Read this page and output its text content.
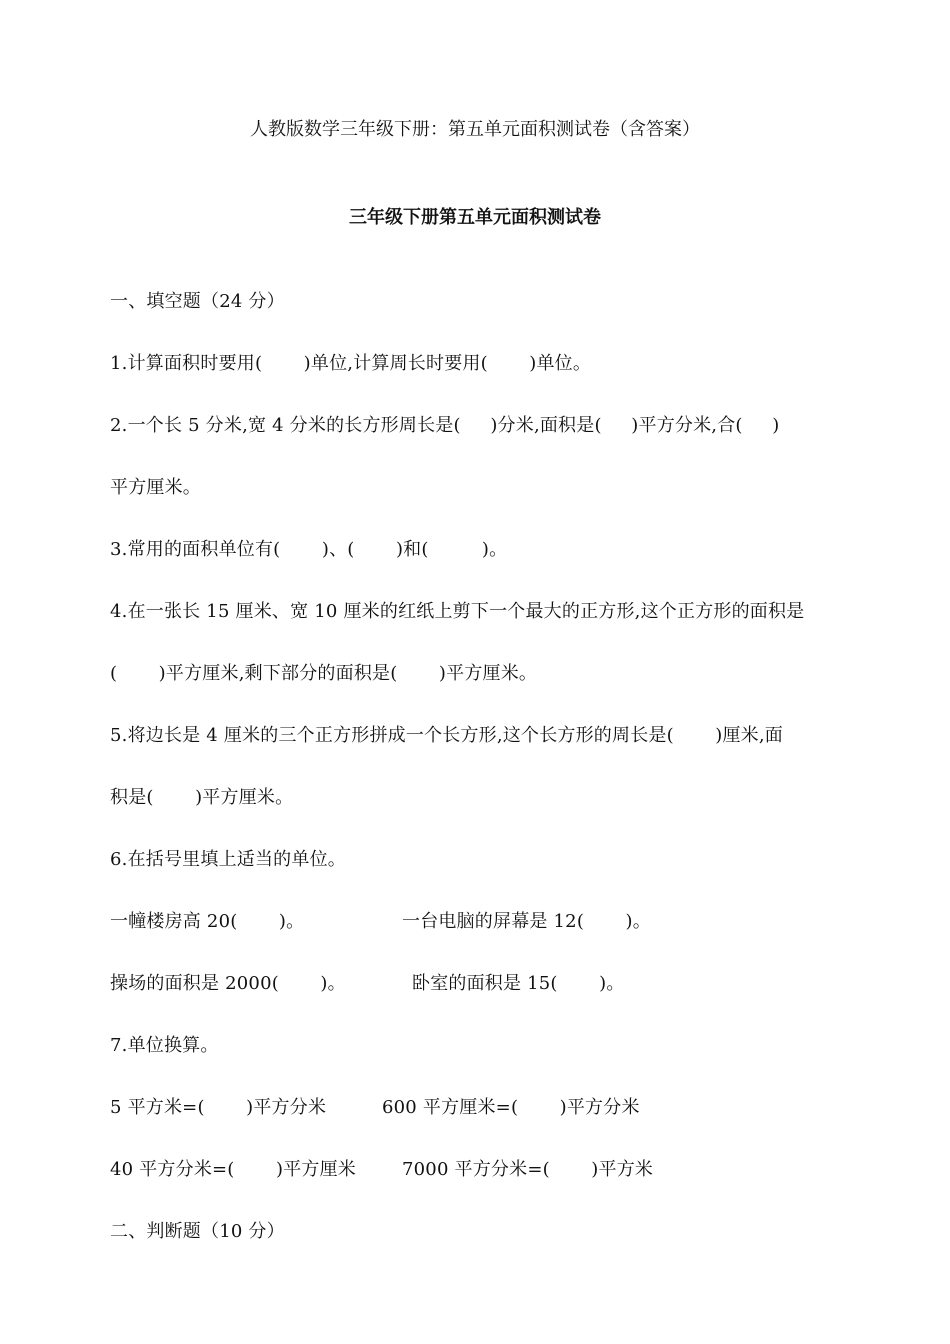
人教版数学三年级下册：第五单元面积测试卷（含答案）
三年级下册第五单元面积测试卷
一、填空题（24 分）
1.计算面积时要用(       )单位,计算周长时要用(       )单位。
2.一个长 5 分米,宽 4 分米的长方形周长是(     )分米,面积是(     )平方分米,合(     )
平方厘米。
3.常用的面积单位有(       )、(       )和(         )。
4.在一张长 15 厘米、宽 10 厘米的红纸上剪下一个最大的正方形,这个正方形的面积是
(       )平方厘米,剩下部分的面积是(       )平方厘米。
5.将边长是 4 厘米的三个正方形拼成一个长方形,这个长方形的周长是(       )厘米,面
积是(       )平方厘米。
6.在括号里填上适当的单位。
一幢楼房高 20(       )。	一台电脑的屏幕是 12(       )。
操场的面积是 2000(       )。	卧室的面积是 15(       )。
7.单位换算。
5 平方米=(       )平方分米	600 平方厘米=(       )平方分米
40 平方分米=(       )平方厘米	7000 平方分米=(       )平方米
二、判断题（10 分）
